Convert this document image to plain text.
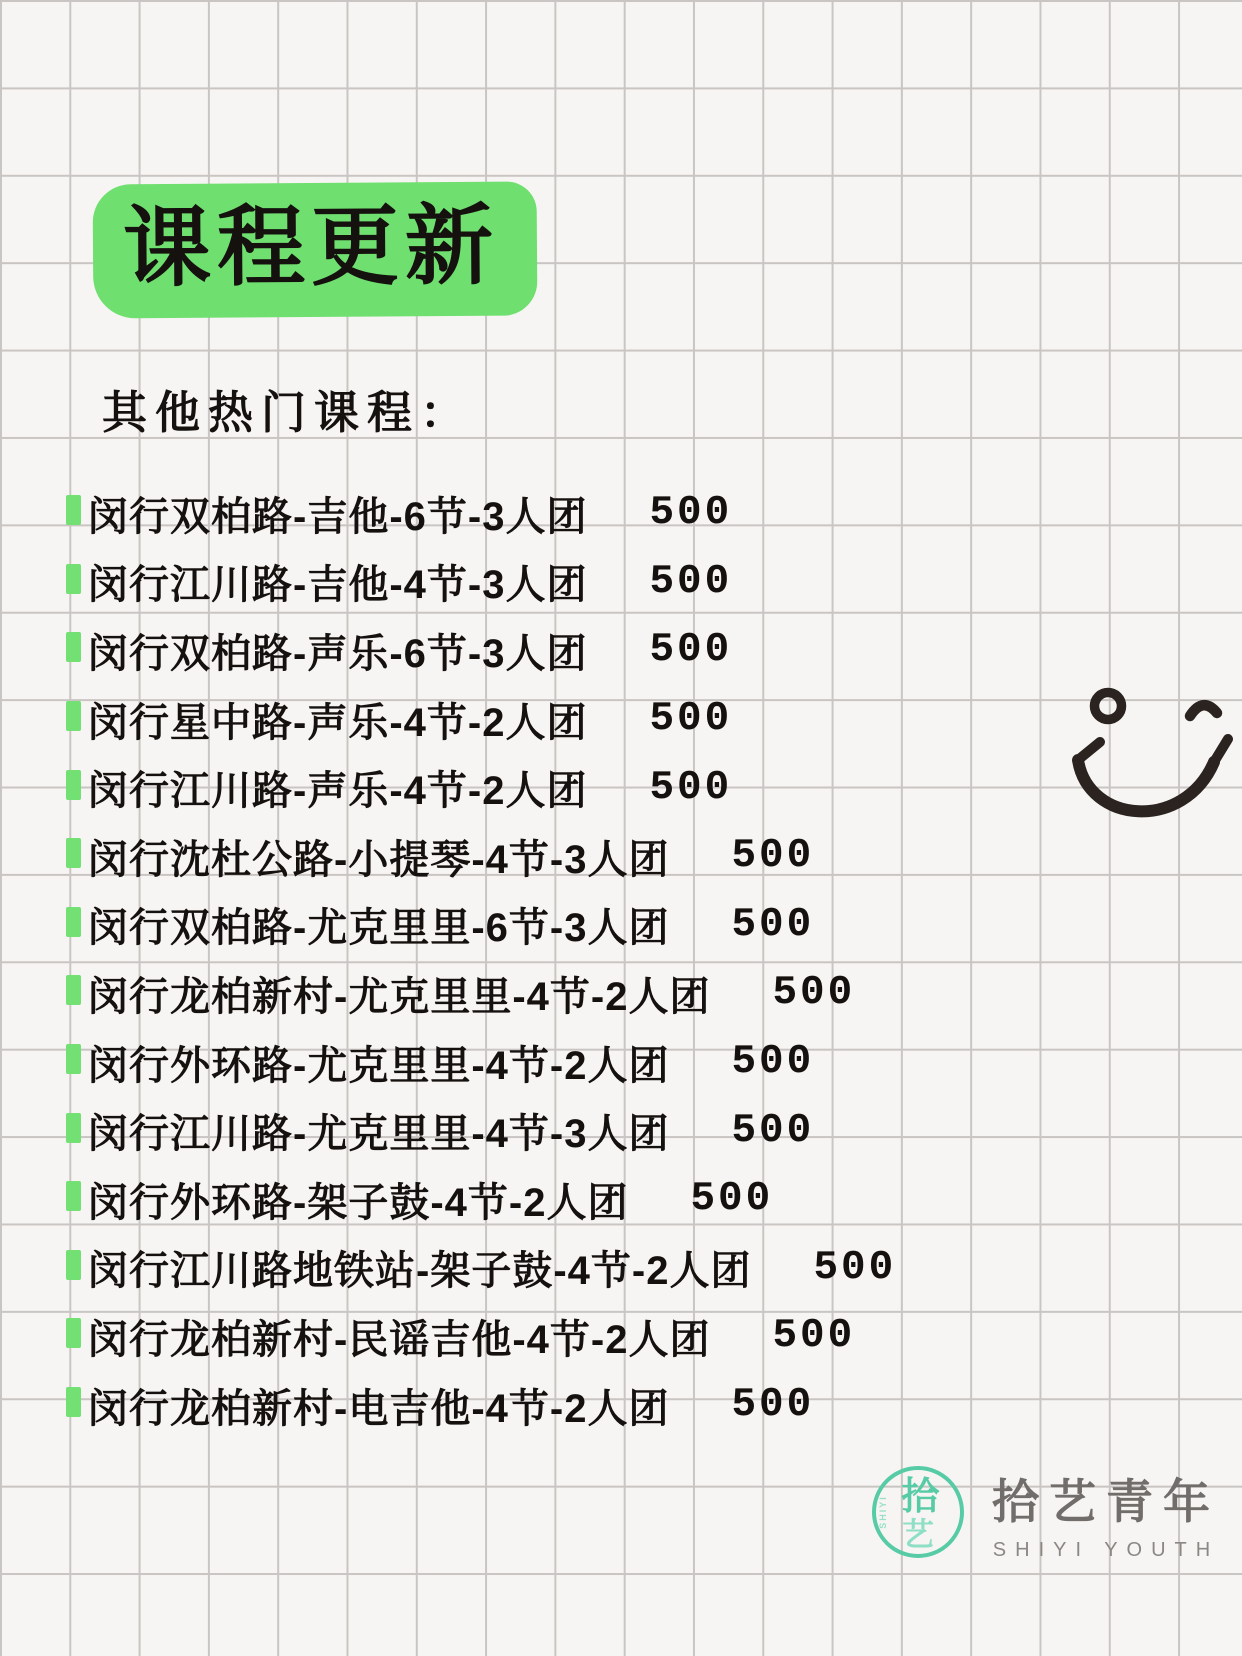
课程更新
其他热门课程：
闵行双柏路-吉他-6节-3人团 500
闵行江川路-吉他-4节-3人团 500
闵行双柏路-声乐-6节-3人团 500
闵行星中路-声乐-4节-2人团 500
闵行江川路-声乐-4节-2人团 500
闵行沈杜公路-小提琴-4节-3人团 500
闵行双柏路-尤克里里-6节-3人团 500
闵行龙柏新村-尤克里里-4节-2人团 500
闵行外环路-尤克里里-4节-2人团 500
闵行江川路-尤克里里-4节-3人团 500
闵行外环路-架子鼓-4节-2人团 500
闵行江川路地铁站-架子鼓-4节-2人团 500
闵行龙柏新村-民谣吉他-4节-2人团 500
闵行龙柏新村-电吉他-4节-2人团 500
SHIYI 拾
艺
拾艺青年
SHIYI YOUTH
